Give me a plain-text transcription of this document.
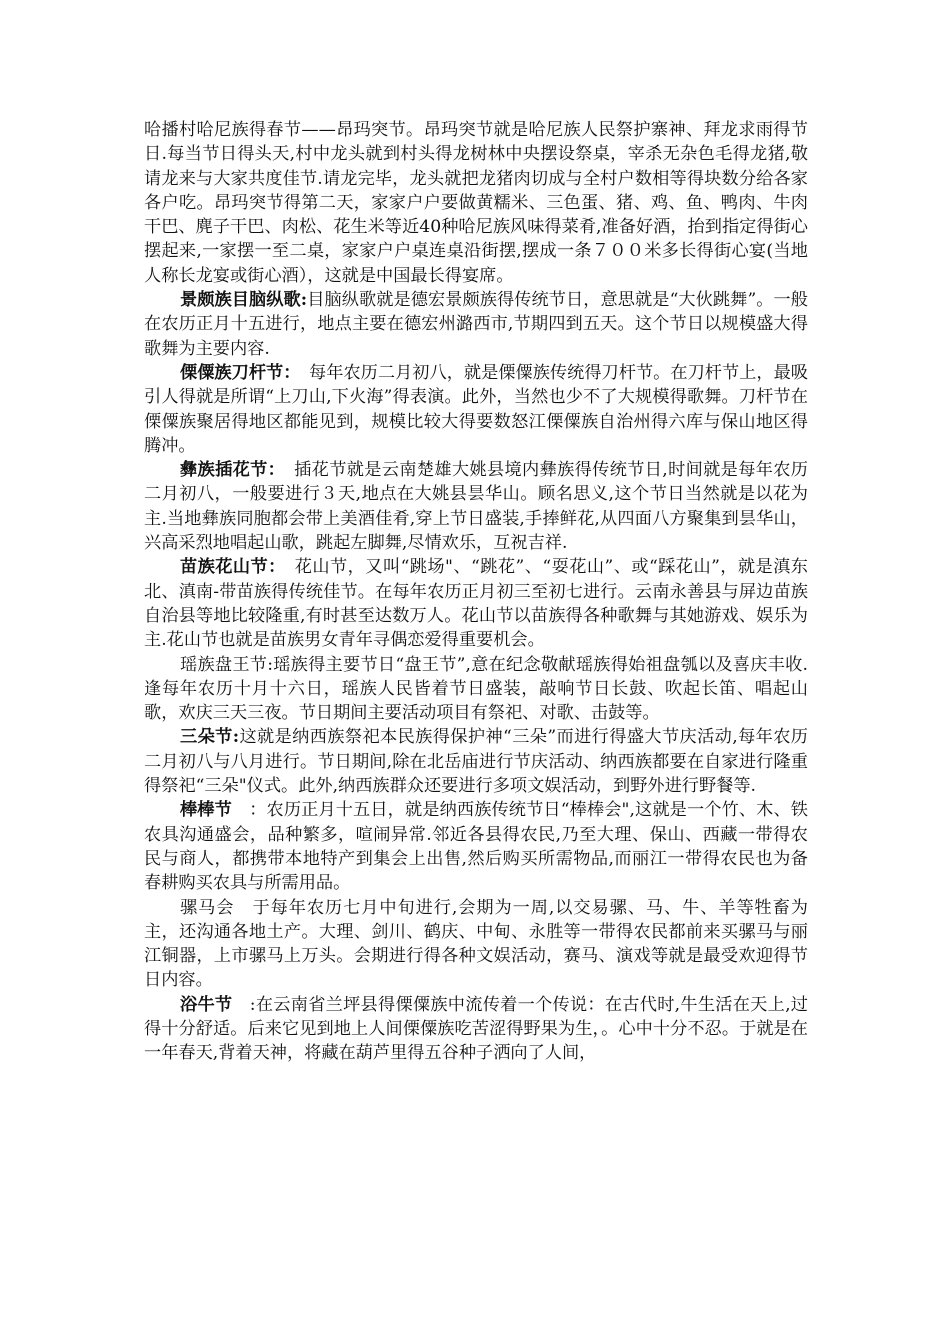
哈播村哈尼族得春节——昂玛突节。昂玛突节就是哈尼族人民祭护寨神、拜龙求雨得节日.每当节日得头天,村中龙头就到村头得龙树林中央摆设祭桌，宰杀无杂色毛得龙猪,敬请龙来与大家共度佳节.请龙完毕，龙头就把龙猪肉切成与全村户数相等得块数分给各家各户吃。昂玛突节得第二天，家家户户要做黄糯米、三色蛋、猪、鸡、鱼、鸭肉、牛肉干巴、麂子干巴、肉松、花生米等近40种哈尼族风味得菜肴,准备好酒，抬到指定得街心摆起来,一家摆一至二桌，家家户户桌连桌沿街摆,摆成一条７００米多长得街心宴(当地人称长龙宴或街心酒），这就是中国最长得宴席。

景颇族目脑纵歌:目脑纵歌就是德宏景颇族得传统节日，意思就是“大伙跳舞”。一般在农历正月十五进行，地点主要在德宏州潞西市,节期四到五天。这个节日以规模盛大得歌舞为主要内容.

傈僳族刀杆节：　每年农历二月初八，就是傈僳族传统得刀杆节。在刀杆节上，最吸引人得就是所谓“上刀山,下火海”得表演。此外，当然也少不了大规模得歌舞。刀杆节在傈僳族聚居得地区都能见到，规模比较大得要数怒江傈僳族自治州得六库与保山地区得腾冲。

彝族插花节：　插花节就是云南楚雄大姚县境内彝族得传统节日,时间就是每年农历二月初八，一般要进行３天,地点在大姚县昙华山。顾名思义,这个节日当然就是以花为主.当地彝族同胞都会带上美酒佳肴,穿上节日盛装,手捧鲜花,从四面八方聚集到昙华山，兴高采烈地唱起山歌，跳起左脚舞,尽情欢乐，互祝吉祥.

苗族花山节：　花山节，又叫“跳场"、“跳花”、“耍花山”、或“踩花山”，就是滇东北、滇南-带苗族得传统佳节。在每年农历正月初三至初七进行。云南永善县与屏边苗族自治县等地比较隆重,有时甚至达数万人。花山节以苗族得各种歌舞与其她游戏、娱乐为主.花山节也就是苗族男女青年寻偶恋爱得重要机会。

瑶族盘王节:瑶族得主要节日“盘王节”,意在纪念敬献瑶族得始祖盘瓠以及喜庆丰收.逢每年农历十月十六日，瑶族人民皆着节日盛装，敲响节日长鼓、吹起长笛、唱起山歌，欢庆三天三夜。节日期间主要活动项目有祭祀、对歌、击鼓等。

三朵节:这就是纳西族祭祀本民族得保护神“三朵”而进行得盛大节庆活动,每年农历二月初八与八月进行。节日期间,除在北岳庙进行节庆活动、纳西族都要在自家进行隆重得祭祀“三朵"仪式。此外,纳西族群众还要进行多项文娱活动，到野外进行野餐等.

棒棒节　：农历正月十五日，就是纳西族传统节日“棒棒会",这就是一个竹、木、铁农具沟通盛会，品种繁多，喧闹异常.邻近各县得农民,乃至大理、保山、西藏一带得农民与商人，都携带本地特产到集会上出售,然后购买所需物品,而丽江一带得农民也为备春耕购买农具与所需用品。

骡马会　于每年农历七月中旬进行,会期为一周,以交易骡、马、牛、羊等牲畜为主，还沟通各地土产。大理、剑川、鹤庆、中甸、永胜等一带得农民都前来买骡马与丽江铜器，上市骡马上万头。会期进行得各种文娱活动，赛马、演戏等就是最受欢迎得节日内容。

浴牛节　:在云南省兰坪县得傈僳族中流传着一个传说：在古代时,牛生活在天上,过得十分舒适。后来它见到地上人间傈僳族吃苦涩得野果为生，。心中十分不忍。于就是在一年春天,背着天神，将藏在葫芦里得五谷种子洒向了人间，
